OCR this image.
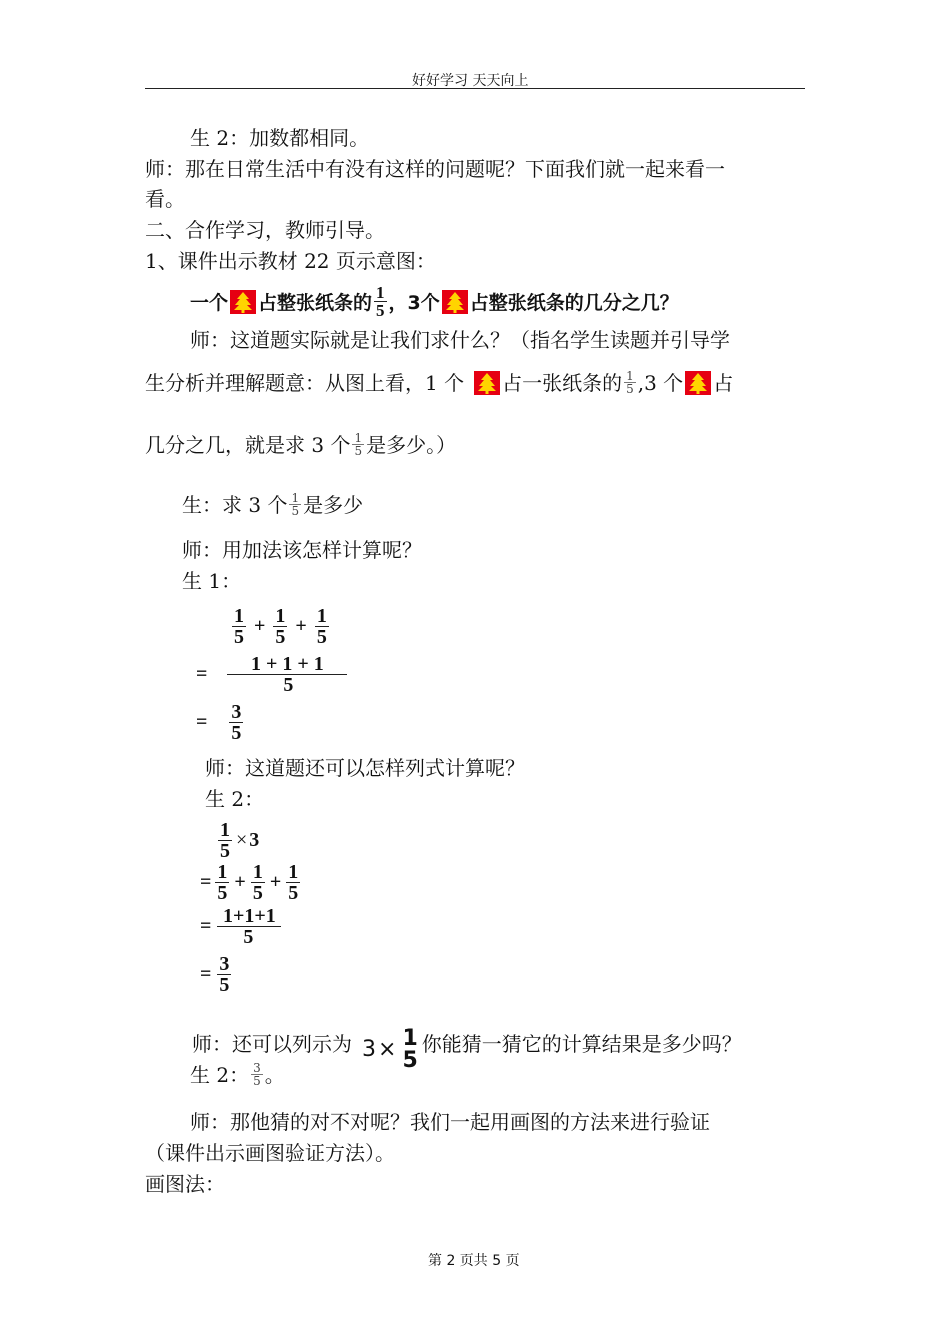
好好学习 天天向上
生 2：加数都相同。
师：那在日常生活中有没有这样的问题呢？下面我们就一起来看一
看。
二、合作学习，教师引导。
1、课件出示教材 22 页示意图：
一个 占整张纸条的 $\frac{1}{5}$ ，3个 占整张纸条的几分之几？
师：这道题实际就是让我们求什么？（指名学生读题并引导学
生分析并理解题意：从图上看，1 个 占一张纸条的 $\frac{1}{5} ,3$ 个 占
几分之几，就是求 3 个 $\frac{1}{5}$ 是多少。）
生：求 3 个 $\frac{1}{5}$ 是多少
师：用加法该怎样计算呢？
生 1：
$\frac{1}{5} + \frac{1}{5} + \frac{1}{5}$
= $\frac{1 + 1 + 1}{5}$
= $\frac{3}{5}$
师：这道题还可以怎样列式计算呢？
生 2：
$\frac{1}{5} \times 3$
= $\frac{1}{5} + \frac{1}{5} + \frac{1}{5}$
= $\frac{1+1+1}{5}$
= $\frac{3}{5}$
师：还可以列示为 3 × 1
5
你能猜一猜它的计算结果是多少吗？
生 2： $\frac{3}{5}$ 。
师：那他猜的对不对呢？我们一起用画图的方法来进行验证
（课件出示画图验证方法）。
画图法：
第 2 页共 5 页
